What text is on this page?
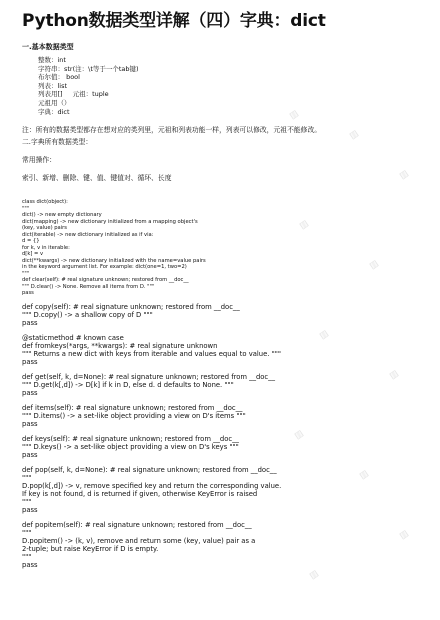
Python数据类型详解（四）字典：dict
一.基本数据类型
整数：int
字符串：str(注：\t等于一个tab键)
布尔值： bool
列表：list
列表用[] 元祖：tuple
元祖用（）
字典：dict
注：所有的数据类型都存在想对应的类列里，元祖和列表功能一样，列表可以修改，元祖不能修改。
二.字典所有数据类型：
常用操作：
索引、新增、删除、键、值、键值对、循环、长度
class dict(object):
"""
dict() -> new empty dictionary
dict(mapping) -> new dictionary initialized from a mapping object's
(key, value) pairs
dict(iterable) -> new dictionary initialized as if via:
d = {}
for k, v in iterable:
d[k] = v
dict(**kwargs) -> new dictionary initialized with the name=value pairs
in the keyword argument list. For example: dict(one=1, two=2)
"""
def clear(self): # real signature unknown; restored from __doc__
""" D.clear() -> None. Remove all items from D. """
pass
def copy(self): # real signature unknown; restored from __doc__
""" D.copy() -> a shallow copy of D """
pass
@staticmethod # known case
def fromkeys(*args, **kwargs): # real signature unknown
""" Returns a new dict with keys from iterable and values equal to value. """
pass
def get(self, k, d=None): # real signature unknown; restored from __doc__
""" D.get(k[,d]) -> D[k] if k in D, else d. d defaults to None. """
pass
def items(self): # real signature unknown; restored from __doc__
""" D.items() -> a set-like object providing a view on D's items """
pass
def keys(self): # real signature unknown; restored from __doc__
""" D.keys() -> a set-like object providing a view on D's keys """
pass
def pop(self, k, d=None): # real signature unknown; restored from __doc__
"""
D.pop(k[,d]) -> v, remove specified key and return the corresponding value.
If key is not found, d is returned if given, otherwise KeyError is raised
"""
pass
def popitem(self): # real signature unknown; restored from __doc__
"""
D.popitem() -> (k, v), remove and return some (key, value) pair as a
2-tuple; but raise KeyError if D is empty.
"""
pass
▨
▨
▨
▨
▨
▨
▨
▨
▨
▨
▨
